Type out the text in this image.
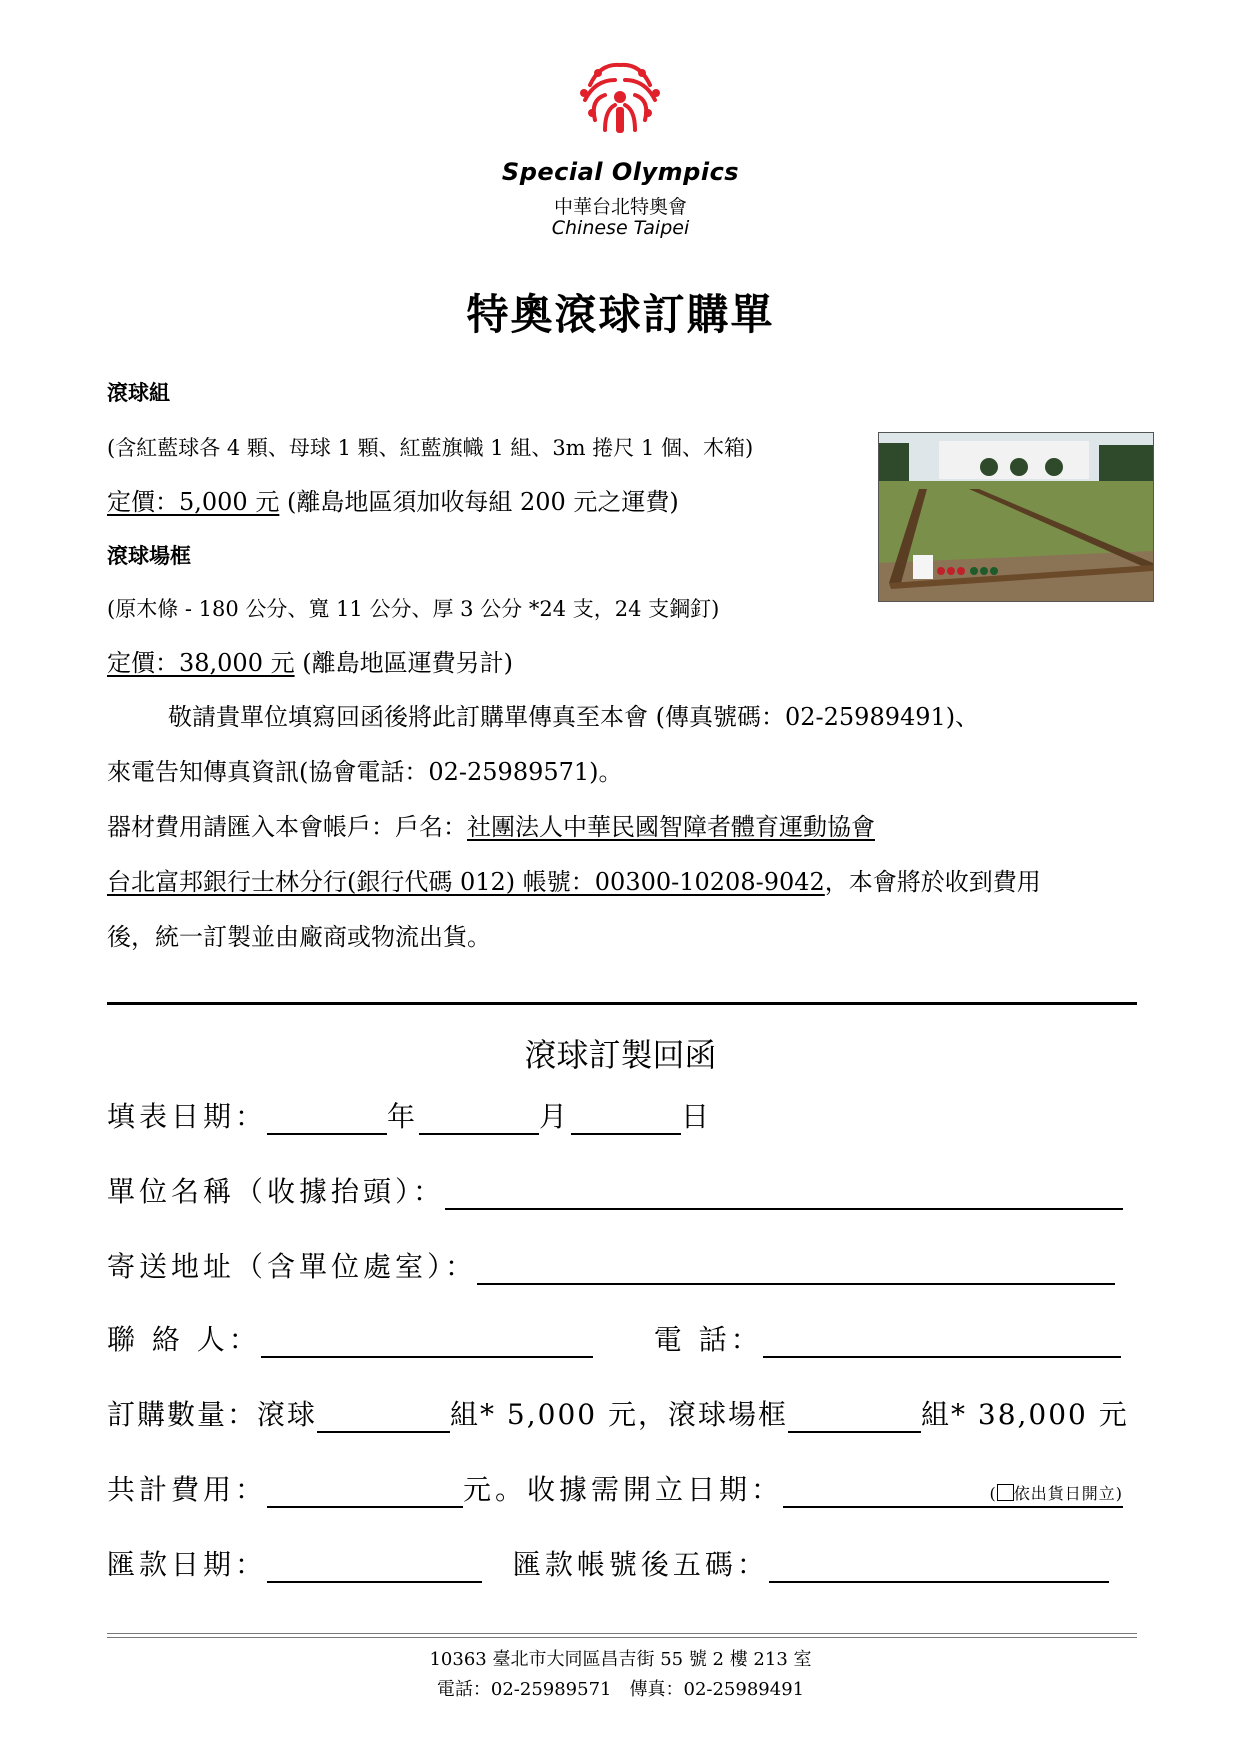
Special Olympics
中華台北特奧會
Chinese Taipei
特奧滾球訂購單
滾球組
(含紅藍球各 4 顆、母球 1 顆、紅藍旗幟 1 組、3m 捲尺 1 個、木箱)
定價：5,000 元 (離島地區須加收每組 200 元之運費)
滾球場框
(原木條 - 180 公分、寬 11 公分、厚 3 公分 *24 支，24 支鋼釘)
定價：38,000 元 (離島地區運費另計)
敬請貴單位填寫回函後將此訂購單傳真至本會 (傳真號碼：02-25989491)、
來電告知傳真資訊(協會電話：02-25989571)。
器材費用請匯入本會帳戶：戶名：社團法人中華民國智障者體育運動協會
台北富邦銀行士林分行(銀行代碼 012) 帳號：00300-10208-9042，本會將於收到費用
後，統一訂製並由廠商或物流出貨。
滾球訂製回函
填表日期：	年	月	日
單位名稱（收據抬頭）：
寄送地址（含單位處室）：
聯 絡 人：	電 話：
訂購數量：滾球	組* 5,000 元，滾球場框	組* 38,000 元
共計費用：	元。收據需開立日期：	( 依出貨日開立)
匯款日期：	匯款帳號後五碼：
10363 臺北市大同區昌吉街 55 號 2 樓 213 室
電話：02-25989571　傳真：02-25989491
